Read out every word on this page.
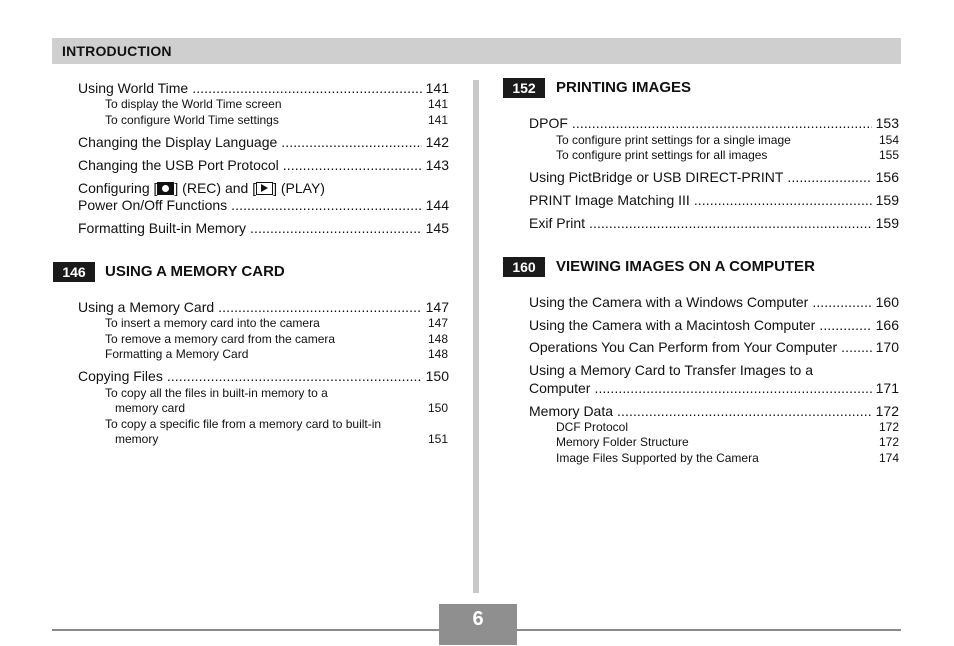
INTRODUCTION
Using World Time . . .	141
To display the World Time screen	141
To configure World Time settings	141
Changing the Display Language . . .	142
Changing the USB Port Protocol . . .	143
Configuring [ ] (REC) and [ ] (PLAY)
Power On/Off Functions . . .	144
Formatting Built-in Memory . . .	145
146	USING A MEMORY CARD
Using a Memory Card . . .	147
To insert a memory card into the camera	147
To remove a memory card from the camera	148
Formatting a Memory Card	148
Copying Files . . .	150
To copy all the files in built-in memory to a
memory card	150
To copy a specific file from a memory card to built-in
memory	151
152	PRINTING IMAGES
DPOF . . .	153
To configure print settings for a single image	154
To configure print settings for all images	155
Using PictBridge or USB DIRECT-PRINT . . .	156
PRINT Image Matching III . . .	159
Exif Print . . .	159
160	VIEWING IMAGES ON A COMPUTER
Using the Camera with a Windows Computer . . .	160
Using the Camera with a Macintosh Computer . . .	166
Operations You Can Perform from Your Computer . . .	170
Using a Memory Card to Transfer Images to a
Computer . . .	171
Memory Data . . .	172
DCF Protocol	172
Memory Folder Structure	172
Image Files Supported by the Camera	174
6
